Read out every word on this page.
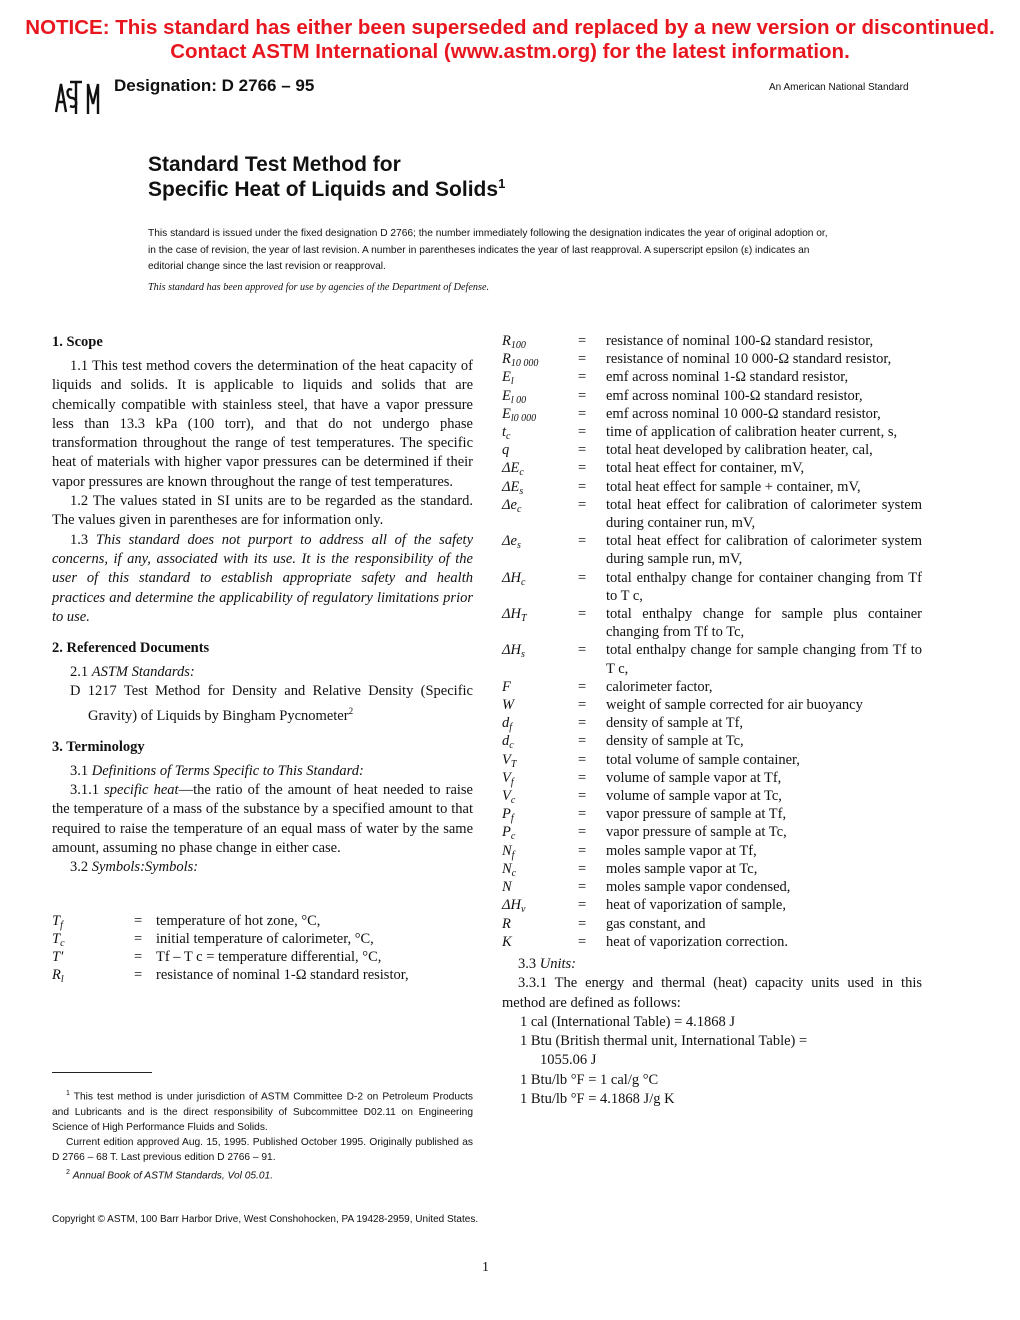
NOTICE: This standard has either been superseded and replaced by a new version or discontinued.
Contact ASTM International (www.astm.org) for the latest information.
ASTM
Designation: D 2766 – 95	An American National Standard
Standard Test Method for
Specific Heat of Liquids and Solids$^1$
This standard is issued under the fixed designation D 2766; the number immediately following the designation indicates the year of original adoption or, in the case of revision, the year of last revision. A number in parentheses indicates the year of last reapproval. A superscript epsilon (ε) indicates an editorial change since the last revision or reapproval.
This standard has been approved for use by agencies of the Department of Defense.
1. Scope

1.1 This test method covers the determination of the heat capacity of liquids and solids. It is applicable to liquids and solids that are chemically compatible with stainless steel, that have a vapor pressure less than 13.3 kPa (100 torr), and that do not undergo phase transformation throughout the range of test temperatures. The specific heat of materials with higher vapor pressures can be determined if their vapor pressures are known throughout the range of test temperatures.

1.2 The values stated in SI units are to be regarded as the standard. The values given in parentheses are for information only.

1.3 This standard does not purport to address all of the safety concerns, if any, associated with its use. It is the responsibility of the user of this standard to establish appropriate safety and health practices and determine the applicability of regulatory limitations prior to use.

2. Referenced Documents

2.1 ASTM Standards:

D 1217 Test Method for Density and Relative Density (Specific Gravity) of Liquids by Bingham Pycnometer$^2$

3. Terminology

3.1 Definitions of Terms Specific to This Standard:

3.1.1 specific heat—the ratio of the amount of heat needed to raise the temperature of a mass of the substance by a specified amount to that required to raise the temperature of an equal mass of water by the same amount, assuming no phase change in either case.

3.2 Symbols:Symbols:

$T_f$	= temperature of hot zone, °C,
$T_c$	= initial temperature of calorimeter, °C,
T′	= Tf – T c = temperature differential, °C,
$R_l$	= resistance of nominal 1-Ω standard resistor,
$R_{100}$	=	resistance of nominal 100-Ω standard resistor,
$R_{10 000}$	=	resistance of nominal 10 000-Ω standard resistor,
$E_l$	=	emf across nominal 1-Ω standard resistor,
$E_{l 00}$	=	emf across nominal 100-Ω standard resistor,
$E_{l0 000}$	=	emf across nominal 10 000-Ω standard resistor,
$t_c$	=	time of application of calibration heater current, s,
q	=	total heat developed by calibration heater, cal,
$\Delta E_c$	=	total heat effect for container, mV,
$\Delta E_s$	=	total heat effect for sample + container, mV,
$\Delta e_c$	=	total heat effect for calibration of calorimeter system during container run, mV,
$\Delta e_s$	=	total heat effect for calibration of calorimeter system during sample run, mV,
$\Delta H_c$	=	total enthalpy change for container changing from Tf to T c,
$\Delta H_T$	=	total enthalpy change for sample plus container changing from Tf to Tc,
$\Delta H_s$	=	total enthalpy change for sample changing from Tf to T c,
F	=	calorimeter factor,
W	=	weight of sample corrected for air buoyancy
$d_f$	=	density of sample at Tf,
$d_c$	=	density of sample at Tc,
$V_T$	=	total volume of sample container,
$V_f$	=	volume of sample vapor at Tf,
$V_c$	=	volume of sample vapor at Tc,
$P_f$	=	vapor pressure of sample at Tf,
$P_c$	=	vapor pressure of sample at Tc,
$N_f$	=	moles sample vapor at Tf,
$N_c$	=	moles sample vapor at Tc,
N	=	moles sample vapor condensed,
$\Delta H_v$	=	heat of vaporization of sample,
R	=	gas constant, and
K	=	heat of vaporization correction.

3.3 Units:

3.3.1 The energy and thermal (heat) capacity units used in this method are defined as follows:

1 cal (International Table) = 4.1868 J
1 Btu (British thermal unit, International Table) =
1055.06 J
1 Btu/lb °F = 1 cal/g °C
1 Btu/lb °F = 4.1868 J/g K

$^1$ This test method is under jurisdiction of ASTM Committee D-2 on Petroleum Products and Lubricants and is the direct responsibility of Subcommittee D02.11 on Engineering Science of High Performance Fluids and Solids.

Current edition approved Aug. 15, 1995. Published October 1995. Originally published as D 2766 – 68 T. Last previous edition D 2766 – 91.

$^2$ Annual Book of ASTM Standards, Vol 05.01.

Copyright © ASTM, 100 Barr Harbor Drive, West Conshohocken, PA 19428-2959, United States.
1
